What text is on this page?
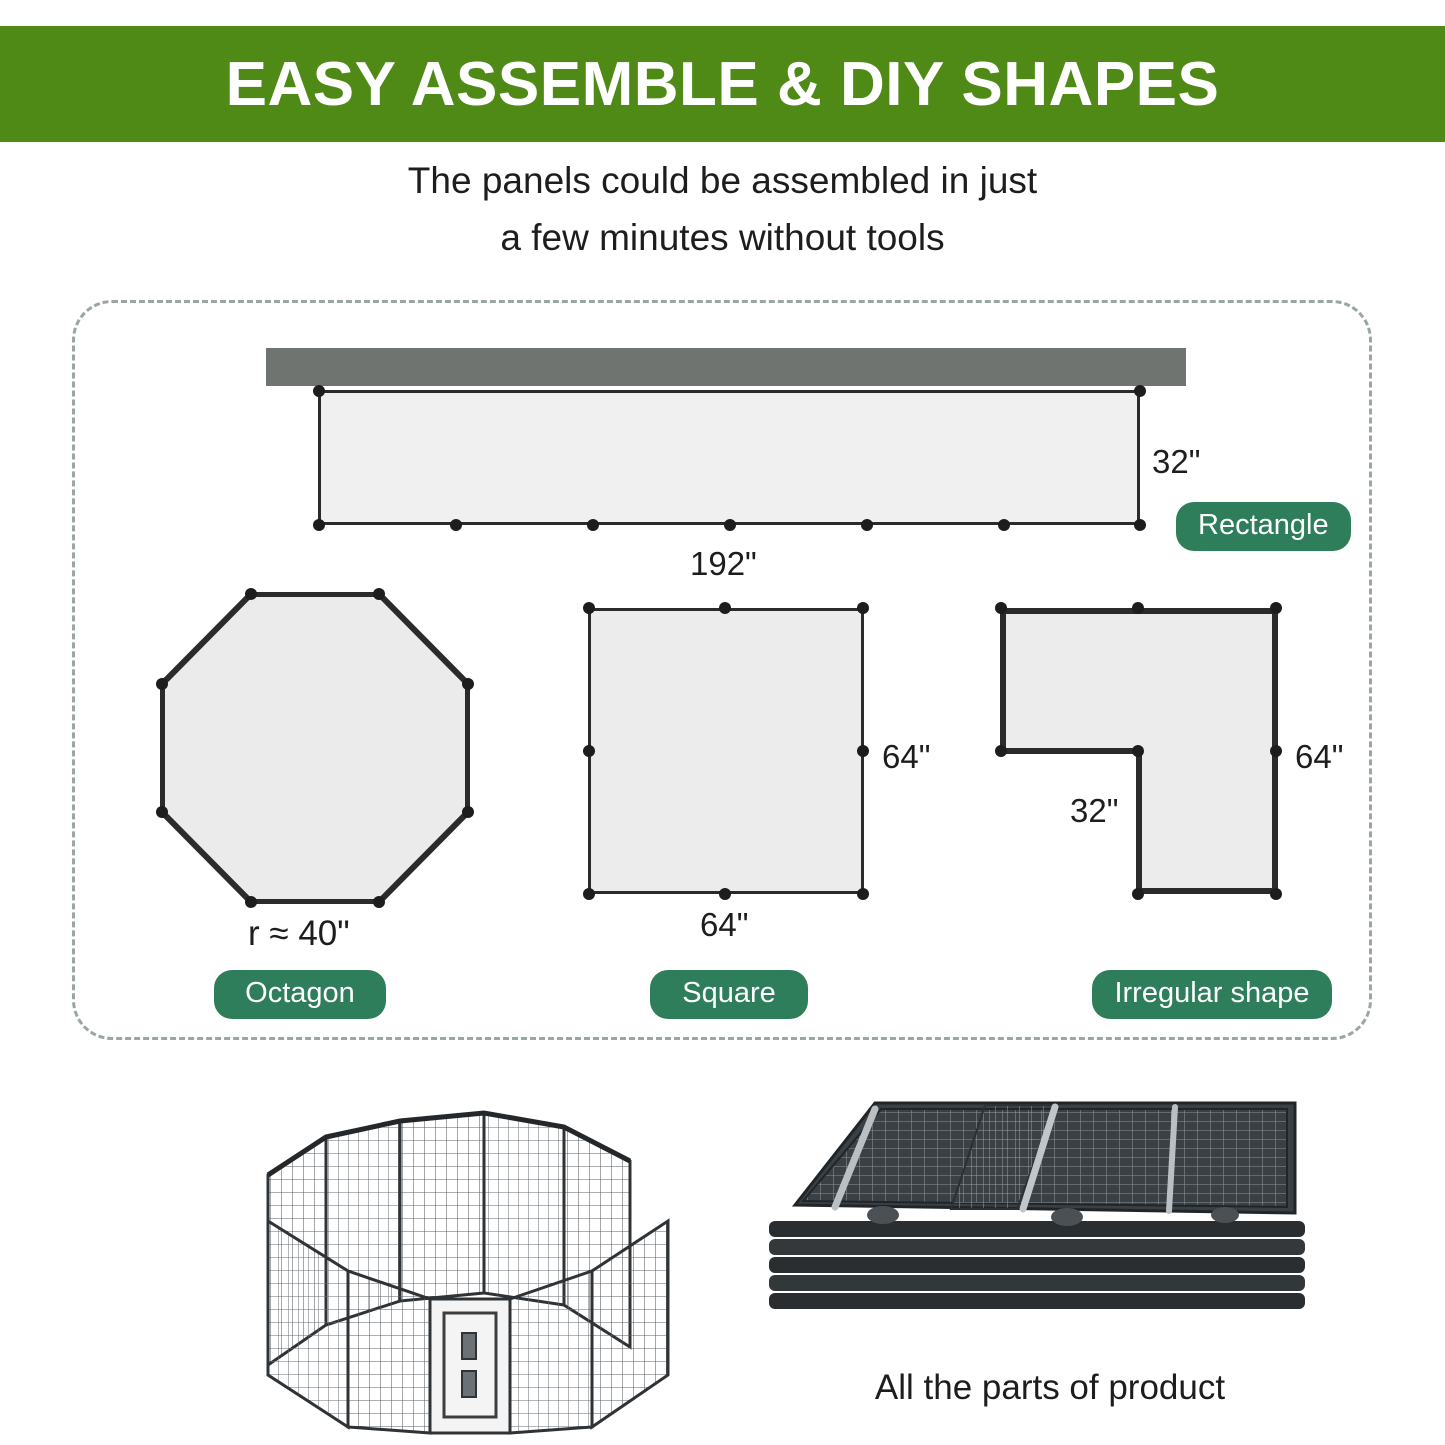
EASY ASSEMBLE & DIY SHAPES
The panels could be assembled in just
a few minutes without tools
32"
192"
Rectangle
r ≈ 40"
Octagon
64"
64"
Square
64"
32"
Irregular shape
All the parts of product
